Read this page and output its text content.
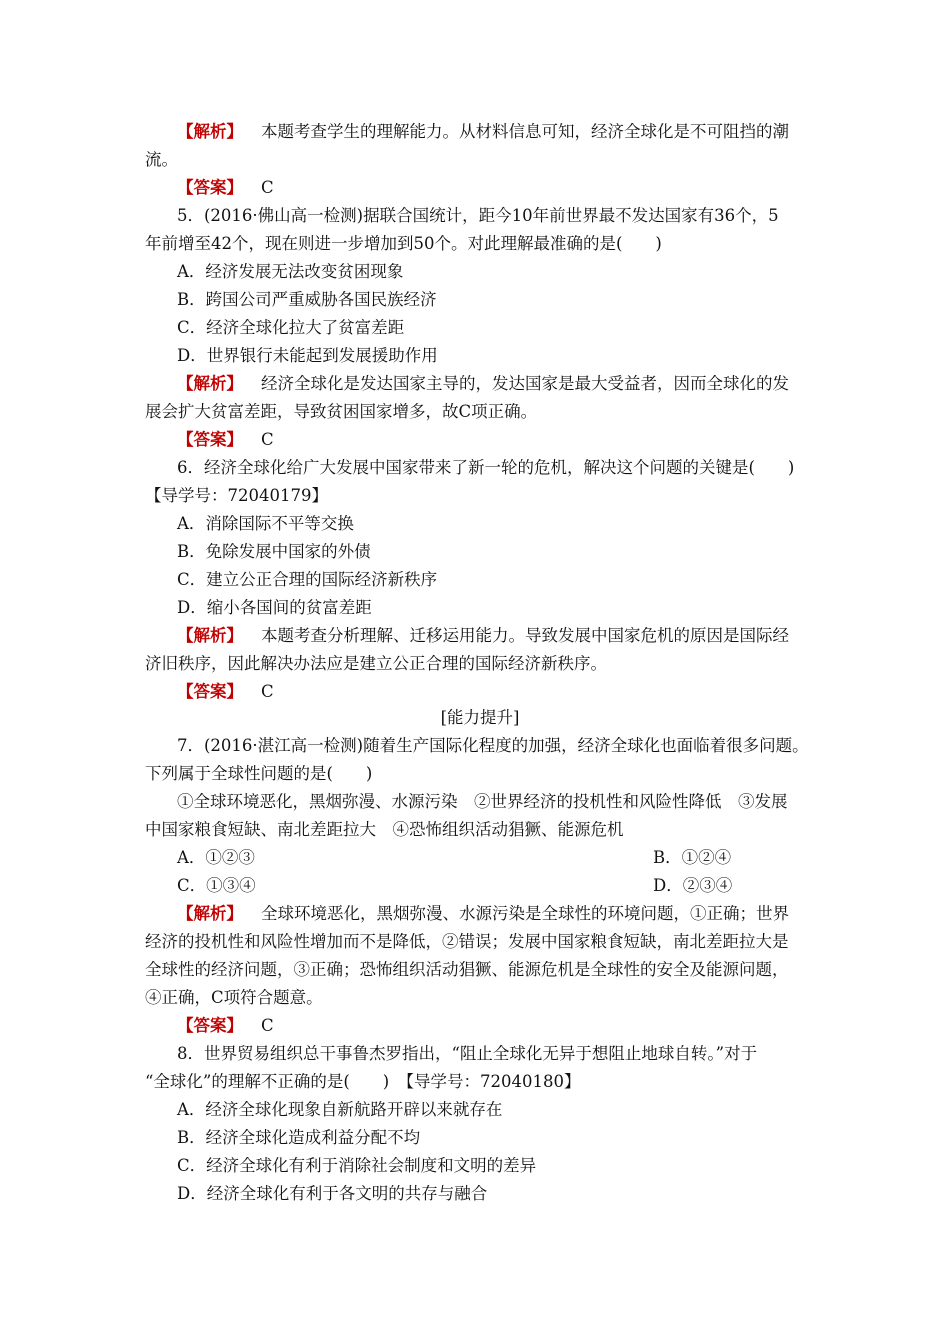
【解析】 本题考查学生的理解能力。从材料信息可知，经济全球化是不可阻挡的潮
流。
【答案】 C
5．(2016·佛山高一检测)据联合国统计，距今10年前世界最不发达国家有36个，5
年前增至42个，现在则进一步增加到50个。对此理解最准确的是(　　)
A．经济发展无法改变贫困现象
B．跨国公司严重威胁各国民族经济
C．经济全球化拉大了贫富差距
D．世界银行未能起到发展援助作用
【解析】 经济全球化是发达国家主导的，发达国家是最大受益者，因而全球化的发
展会扩大贫富差距，导致贫困国家增多，故C项正确。
【答案】 C
6．经济全球化给广大发展中国家带来了新一轮的危机，解决这个问题的关键是(　　)
【导学号：72040179】
A．消除国际不平等交换
B．免除发展中国家的外债
C．建立公正合理的国际经济新秩序
D．缩小各国间的贫富差距
【解析】 本题考查分析理解、迁移运用能力。导致发展中国家危机的原因是国际经
济旧秩序，因此解决办法应是建立公正合理的国际经济新秩序。
【答案】 C
[能力提升]
7．(2016·湛江高一检测)随着生产国际化程度的加强，经济全球化也面临着很多问题。
下列属于全球性问题的是(　　)
①全球环境恶化，黑烟弥漫、水源污染　②世界经济的投机性和风险性降低　③发展
中国家粮食短缺、南北差距拉大　④恐怖组织活动猖獗、能源危机
A．①②③	B．①②④
C．①③④	D．②③④
【解析】 全球环境恶化，黑烟弥漫、水源污染是全球性的环境问题，①正确；世界
经济的投机性和风险性增加而不是降低，②错误；发展中国家粮食短缺，南北差距拉大是
全球性的经济问题，③正确；恐怖组织活动猖獗、能源危机是全球性的安全及能源问题，
④正确，C项符合题意。
【答案】 C
8．世界贸易组织总干事鲁杰罗指出，“阻止全球化无异于想阻止地球自转。”对于
“全球化”的理解不正确的是(　　)　【导学号：72040180】
A．经济全球化现象自新航路开辟以来就存在
B．经济全球化造成利益分配不均
C．经济全球化有利于消除社会制度和文明的差异
D．经济全球化有利于各文明的共存与融合
